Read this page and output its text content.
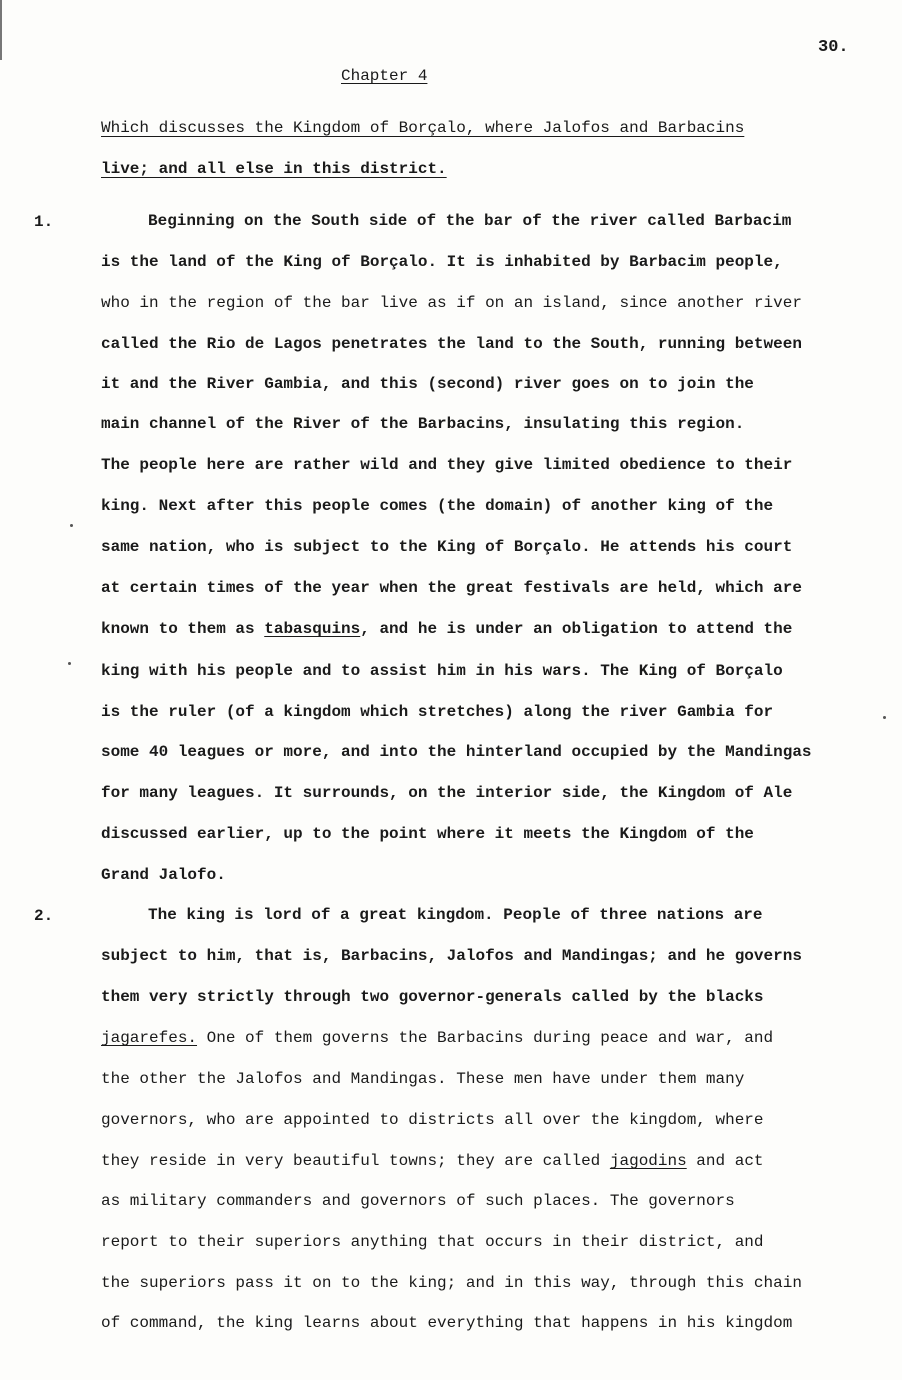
30.
Chapter 4
Which discusses the Kingdom of Borçalo, where Jalofos and Barbacins
live; and all else in this district.
1.	Beginning on the South side of the bar of the river called Barbacim
is the land of the King of Borçalo. It is inhabited by Barbacim people,
who in the region of the bar live as if on an island, since another river
called the Rio de Lagos penetrates the land to the South, running between
it and the River Gambia, and this (second) river goes on to join the
main channel of the River of the Barbacins, insulating this region.
The people here are rather wild and they give limited obedience to their
king. Next after this people comes (the domain) of another king of the
same nation, who is subject to the King of Borçalo. He attends his court
at certain times of the year when the great festivals are held, which are
known to them as tabasquins, and he is under an obligation to attend the
king with his people and to assist him in his wars. The King of Borçalo
is the ruler (of a kingdom which stretches) along the river Gambia for
some 40 leagues or more, and into the hinterland occupied by the Mandingas
for many leagues. It surrounds, on the interior side, the Kingdom of Ale
discussed earlier, up to the point where it meets the Kingdom of the
Grand Jalofo.
2.	The king is lord of a great kingdom. People of three nations are
subject to him, that is, Barbacins, Jalofos and Mandingas; and he governs
them very strictly through two governor-generals called by the blacks
jagarefes. One of them governs the Barbacins during peace and war, and
the other the Jalofos and Mandingas. These men have under them many
governors, who are appointed to districts all over the kingdom, where
they reside in very beautiful towns; they are called jagodins and act
as military commanders and governors of such places. The governors
report to their superiors anything that occurs in their district, and
the superiors pass it on to the king; and in this way, through this chain
of command, the king learns about everything that happens in his kingdom
